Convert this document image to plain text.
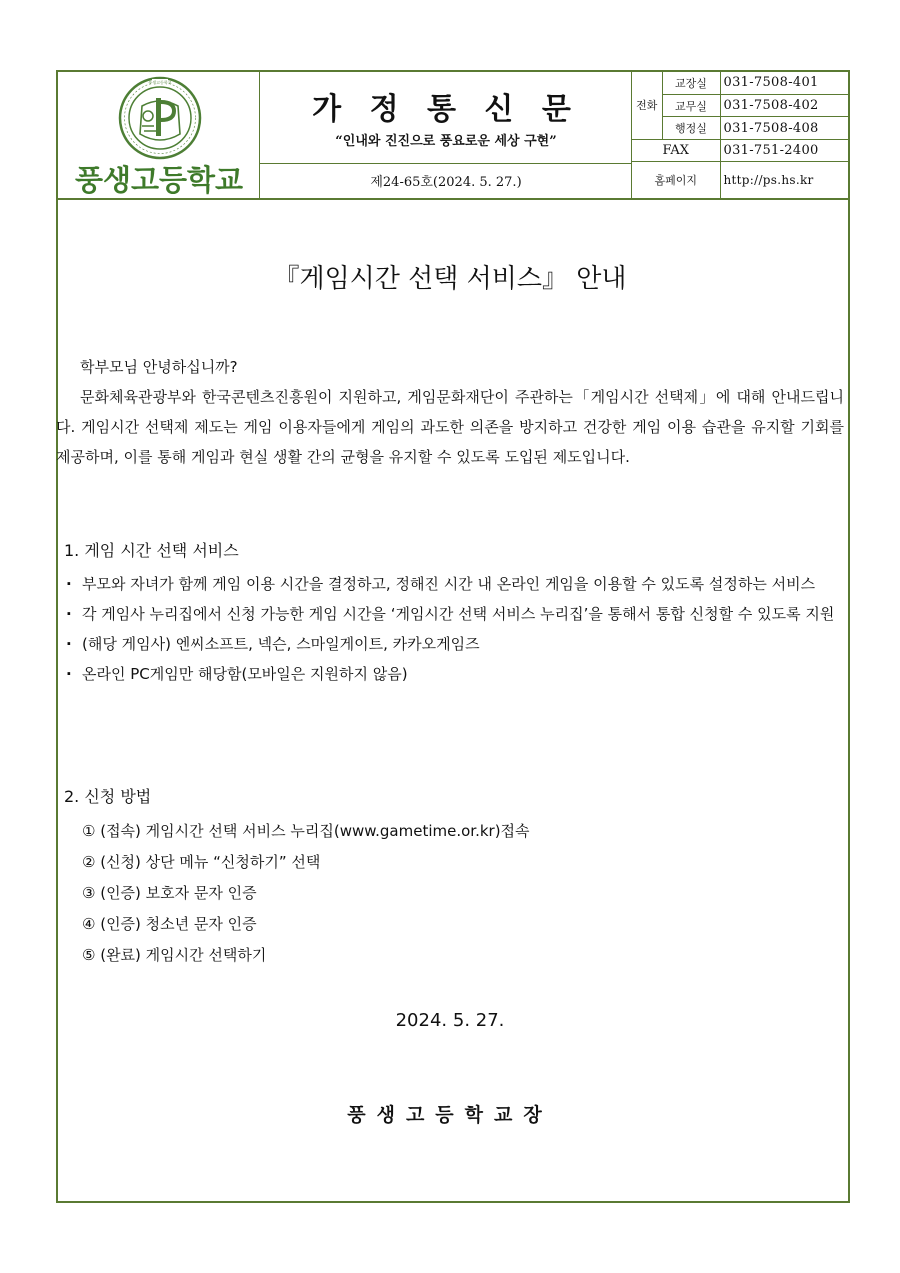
풍생고등학교
풍생고등학교
가 정 통 신 문
“인내와 진진으로 풍요로운 세상 구현”
제24-65호(2024. 5. 27.)
전화	교장실	031-7508-401
	교무실	031-7508-402
	행정실	031-7508-408
FAX		031-751-2400
홈페이지		http://ps.hs.kr
『게임시간 선택 서비스』 안내

학부모님 안녕하십니까?

문화체육관광부와 한국콘텐츠진흥원이 지원하고, 게임문화재단이 주관하는「게임시간 선택제」에 대해 안내드립니다. 게임시간 선택제 제도는 게임 이용자들에게 게임의 과도한 의존을 방지하고 건강한 게임 이용 습관을 유지할 기회를 제공하며, 이를 통해 게임과 현실 생활 간의 균형을 유지할 수 있도록 도입된 제도입니다.

1. 게임 시간 선택 서비스
· 부모와 자녀가 함께 게임 이용 시간을 결정하고, 정해진 시간 내 온라인 게임을 이용할 수 있도록 설정하는 서비스
· 각 게임사 누리집에서 신청 가능한 게임 시간을 ‘게임시간 선택 서비스 누리집’을 통해서 통합 신청할 수 있도록 지원
· (해당 게임사) 엔씨소프트, 넥슨, 스마일게이트, 카카오게임즈
· 온라인 PC게임만 해당함(모바일은 지원하지 않음)
2. 신청 방법
① (접속) 게임시간 선택 서비스 누리집(www.gametime.or.kr)접속
② (신청) 상단 메뉴 “신청하기” 선택
③ (인증) 보호자 문자 인증
④ (인증) 청소년 문자 인증
⑤ (완료) 게임시간 선택하기
2024. 5. 27.
풍생고등학교장
